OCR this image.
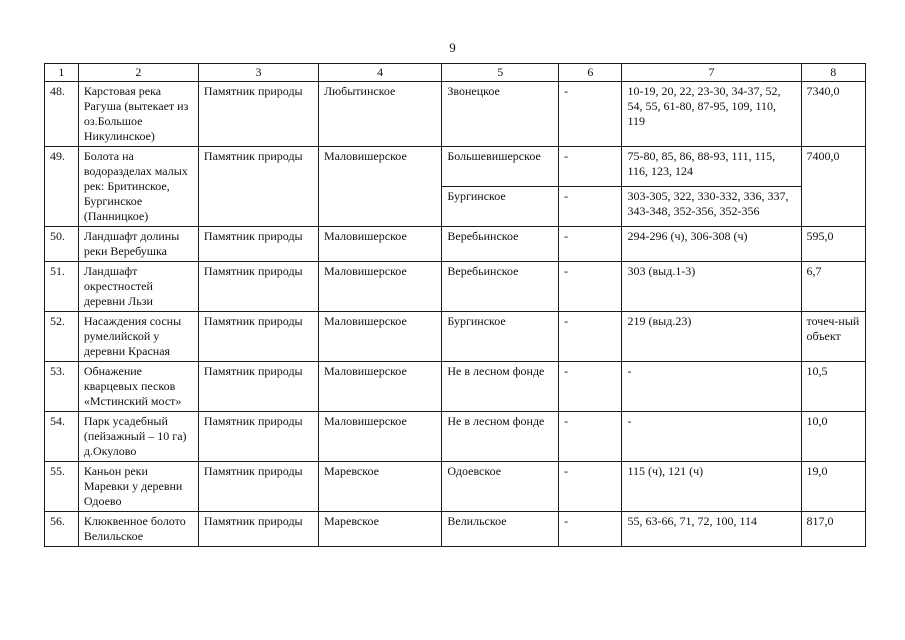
9
1	2	3	4	5	6	7	8
48.	Карстовая река Рагуша (вытекает из оз.Большое Никулинское)	Памятник природы	Любытинское	Звонецкое	-	10-19, 20, 22, 23-30, 34-37, 52, 54, 55, 61-80, 87-95, 109, 110, 119	7340,0
49.	Болота на водоразделах малых рек: Бритинское, Бургинское (Панницкое)	Памятник природы	Маловишерское	Большевишерское	-	75-80, 85, 86, 88-93, 111, 115, 116, 123, 124	7400,0
				Бургинское	-	303-305, 322, 330-332, 336, 337, 343-348, 352-356, 352-356	
50.	Ландшафт долины реки Веребушка	Памятник природы	Маловишерское	Веребьинское	-	294-296 (ч), 306-308 (ч)	595,0
51.	Ландшафт окрестностей деревни Льзи	Памятник природы	Маловишерское	Веребьинское	-	303 (выд.1-3)	6,7
52.	Насаждения сосны румелийской у деревни Красная	Памятник природы	Маловишерское	Бургинское	-	219 (выд.23)	точеч-ный объект
53.	Обнажение кварцевых песков «Мстинский мост»	Памятник природы	Маловишерское	Не в лесном фонде	-	-	10,5
54.	Парк усадебный (пейзажный – 10 га) д.Окулово	Памятник природы	Маловишерское	Не в лесном фонде	-	-	10,0
55.	Каньон реки Маревки у деревни Одоево	Памятник природы	Маревское	Одоевское	-	115 (ч), 121 (ч)	19,0
56.	Клюквенное болото Велильское	Памятник природы	Маревское	Велильское	-	55, 63-66, 71, 72, 100, 114	817,0
